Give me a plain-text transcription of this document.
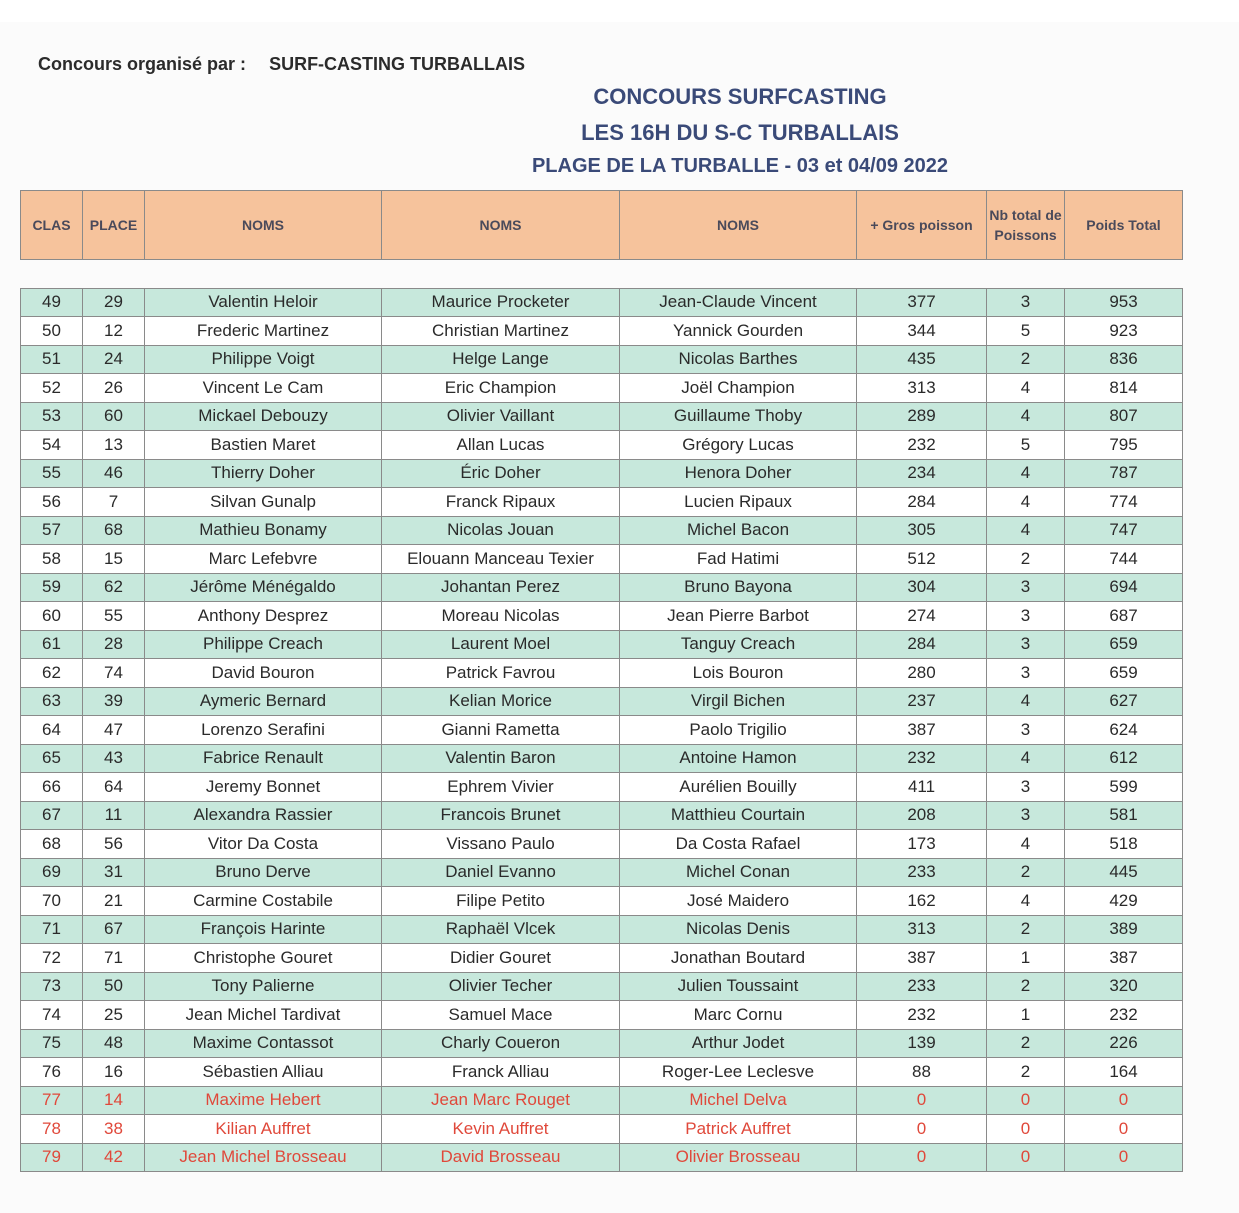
Concours organisé par : SURF-CASTING TURBALLAIS
CONCOURS SURFCASTING
LES 16H DU S-C TURBALLAIS
PLAGE DE LA TURBALLE - 03 et 04/09 2022
CLAS	PLACE	NOMS	NOMS	NOMS	+ Gros poisson	Nb total de Poissons	Poids Total

49	29	Valentin Heloir	Maurice Procketer	Jean-Claude Vincent	377	3	953
50	12	Frederic Martinez	Christian Martinez	Yannick Gourden	344	5	923
51	24	Philippe Voigt	Helge Lange	Nicolas Barthes	435	2	836
52	26	Vincent Le Cam	Eric Champion	Joël Champion	313	4	814
53	60	Mickael Debouzy	Olivier Vaillant	Guillaume Thoby	289	4	807
54	13	Bastien Maret	Allan Lucas	Grégory Lucas	232	5	795
55	46	Thierry Doher	Éric Doher	Henora Doher	234	4	787
56	7	Silvan Gunalp	Franck Ripaux	Lucien Ripaux	284	4	774
57	68	Mathieu Bonamy	Nicolas Jouan	Michel Bacon	305	4	747
58	15	Marc Lefebvre	Elouann Manceau Texier	Fad Hatimi	512	2	744
59	62	Jérôme Ménégaldo	Johantan Perez	Bruno Bayona	304	3	694
60	55	Anthony Desprez	Moreau Nicolas	Jean Pierre Barbot	274	3	687
61	28	Philippe Creach	Laurent Moel	Tanguy Creach	284	3	659
62	74	David Bouron	Patrick Favrou	Lois Bouron	280	3	659
63	39	Aymeric Bernard	Kelian Morice	Virgil Bichen	237	4	627
64	47	Lorenzo Serafini	Gianni Rametta	Paolo Trigilio	387	3	624
65	43	Fabrice Renault	Valentin Baron	Antoine Hamon	232	4	612
66	64	Jeremy Bonnet	Ephrem Vivier	Aurélien Bouilly	411	3	599
67	11	Alexandra Rassier	Francois Brunet	Matthieu Courtain	208	3	581
68	56	Vitor Da Costa	Vissano Paulo	Da Costa Rafael	173	4	518
69	31	Bruno Derve	Daniel Evanno	Michel Conan	233	2	445
70	21	Carmine Costabile	Filipe Petito	José Maidero	162	4	429
71	67	François Harinte	Raphaël Vlcek	Nicolas Denis	313	2	389
72	71	Christophe Gouret	Didier Gouret	Jonathan Boutard	387	1	387
73	50	Tony Palierne	Olivier Techer	Julien Toussaint	233	2	320
74	25	Jean Michel Tardivat	Samuel Mace	Marc Cornu	232	1	232
75	48	Maxime Contassot	Charly Coueron	Arthur Jodet	139	2	226
76	16	Sébastien Alliau	Franck Alliau	Roger-Lee Leclesve	88	2	164
77	14	Maxime Hebert	Jean Marc Rouget	Michel Delva	0	0	0
78	38	Kilian Auffret	Kevin Auffret	Patrick Auffret	0	0	0
79	42	Jean Michel Brosseau	David Brosseau	Olivier Brosseau	0	0	0
